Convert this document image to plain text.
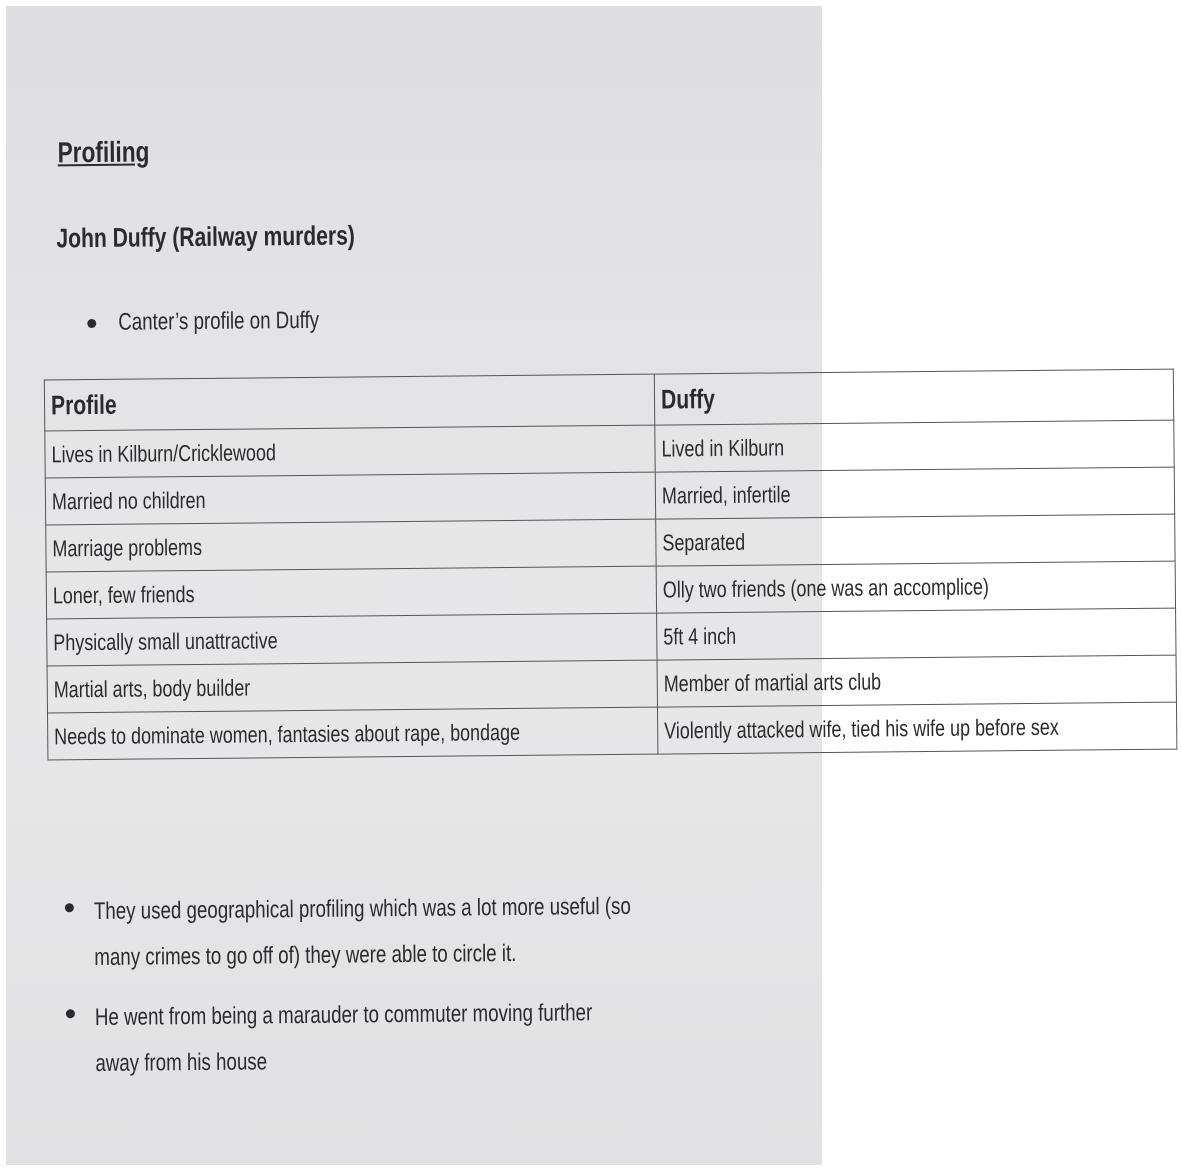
Profiling
John Duffy (Railway murders)
Canter’s profile on Duffy
Profile	Duffy
Lives in Kilburn/Cricklewood	Lived in Kilburn
Married no children	Married, infertile
Marriage problems	Separated
Loner, few friends	Olly two friends (one was an accomplice)
Physically small unattractive	5ft 4 inch
Martial arts, body builder	Member of martial arts club

Needs to dominate women, fantasies about rape, bondage	Violently attacked wife, tied his wife up before sex
They used geographical profiling which was a lot more useful (so many crimes to go off of) they were able to circle it.
He went from being a marauder to commuter moving further away from his house
